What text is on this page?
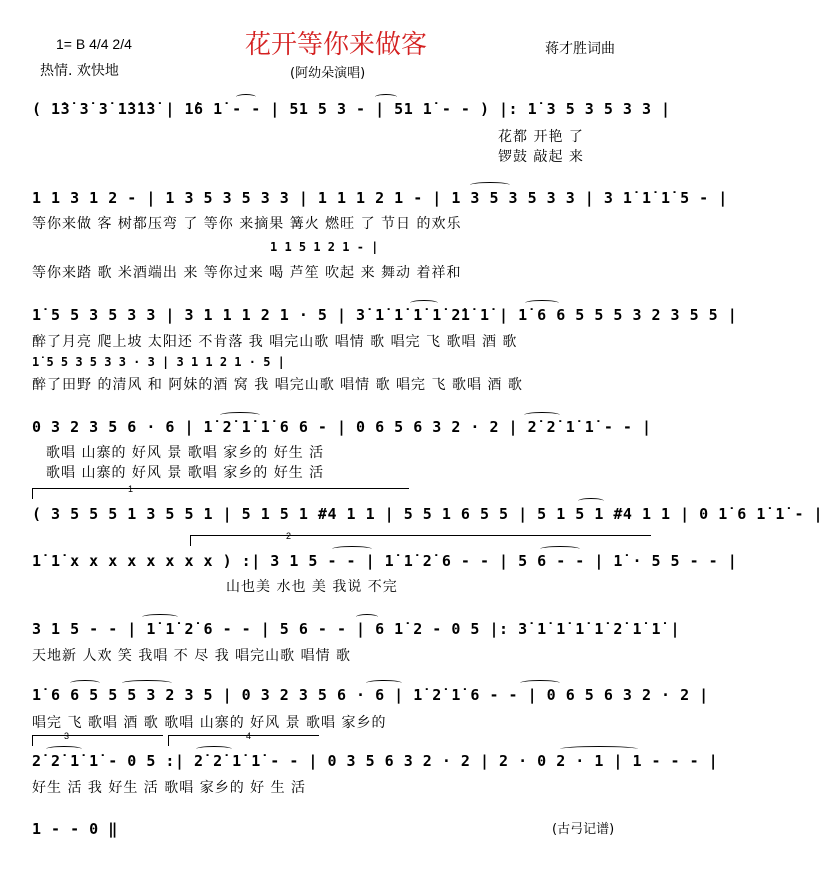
花开等你来做客
1= B 4/4 2/4
热情. 欢快地
蒋才胜词曲
(阿幼朵演唱)
( 1̇3̇ 3̇ 3̇ 1̇3̇1̇3̇ | 1̇6 1̇ - - | 51 5 3 - | 51 1̇ - - ) |: 1̇ 3 5 3 5 3 3 |
花都 开艳 了
锣鼓 敲起 来
1 1 3 1 2 - | 1 3 5 3 5 3 3 | 1 1 1 2 1 - | 1 3 5 3 5 3 3 | 3 1̇ 1̇ 1̇ 5 - |
等你来做 客 树都压弯 了 等你 来摘果 篝火 燃旺 了 节日 的欢乐
1 1 5 1 2 1 - |
等你来踏 歌 米酒端出 来 等你过来 喝 芦笙 吹起 来 舞动 着祥和
1̇ 5 5 3 5 3 3 | 3 1 1 1 2 1 · 5 | 3̇ 1̇ 1̇ 1̇ 1̇ 2̇1̇ 1̇ | 1̇ 6 6 5 5 5 3 2 3 5 5 |
醉了月亮 爬上坡 太阳还 不肯落 我 唱完山歌 唱情 歌 唱完 飞 歌唱 酒 歌
1̇ 5 5 3 5 3 3 · 3 | 3 1 1 2 1 · 5 |
醉了田野 的清风 和 阿妹的酒 窝 我 唱完山歌 唱情 歌 唱完 飞 歌唱 酒 歌
0 3 2 3 5 6 · 6 | 1̇ 2̇ 1̇ 1̇ 6 6 - | 0 6 5 6 3 2 · 2 | 2̇ 2̇ 1̇ 1̇ - - |
歌唱 山寨的 好风 景 歌唱 家乡的 好生 活
歌唱 山寨的 好风 景 歌唱 家乡的 好生 活
1
( 3 5 5 5 1 3 5 5 1 | 5 1 5 1 #4 1 1 | 5 5 1 6 5 5 | 5 1 5 1 #4 1 1 | 0 1̇ 6 1̇ 1̇ - |
2
1̇ 1̇ x x x x x x x x ) :| 3 1 5 - - | 1̇ 1̇ 2̇ 6 - - | 5 6 - - | 1̇ · 5 5 - - |
山也美 水也 美 我说 不完
3 1 5 - - | 1̇ 1̇ 2̇ 6 - - | 5 6 - - | 6 1̇ 2 - 0 5 |: 3̇ 1̇ 1̇ 1̇ 1̇ 2̇ 1̇ 1̇ |
天地新 人欢 笑 我唱 不 尽 我 唱完山歌 唱情 歌
1̇ 6 6 5 5 5 3 2 3 5 | 0 3 2 3 5 6 · 6 | 1̇ 2̇ 1̇ 6 - - | 0 6 5 6 3 2 · 2 |
唱完 飞 歌唱 酒 歌 歌唱 山寨的 好风 景 歌唱 家乡的
3	4
2̇ 2̇ 1̇ 1̇ - 0 5 :| 2̇ 2̇ 1̇ 1̇ - - | 0 3 5 6 3 2 · 2 | 2 · 0 2 · 1 | 1 - - - |
好生 活 我 好生 活 歌唱 家乡的 好 生 活
1 - - 0 ‖	(古弓记谱)
